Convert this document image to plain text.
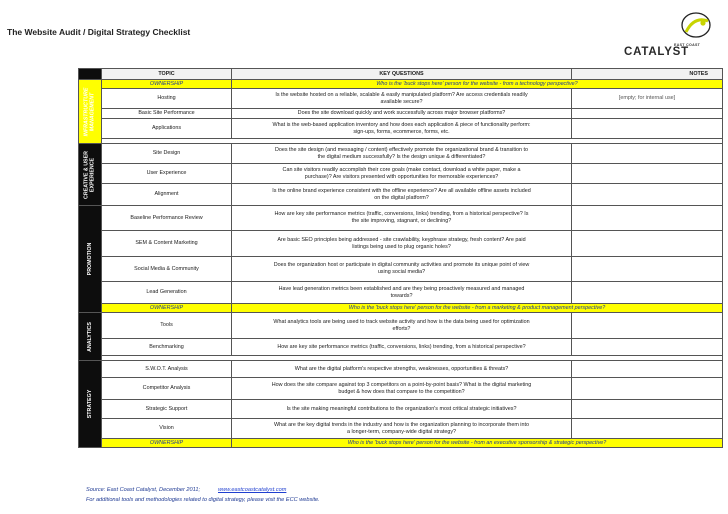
The Website Audit / Digital Strategy Checklist
EAST COAST
CATALYST
	TOPIC	KEY QUESTIONS	NOTES

INFRASTRUCTURE
MANAGEMENT	OWNERSHIP	Who is the 'buck stops here' person for the website - from a technology perspective?	
	Hosting	Is the website hosted on a reliable, scalable & easily manipulated platform? Are access credentials readily
available secure?	[empty; for internal use]
	Basic Site Performance	Does the site download quickly and work successfully across major browser platforms?	
	Applications	What is the web-based application inventory and how does each application & piece of functionality perform:
sign-ups, forms, ecommerce, forms, etc.	

CREATIVE & USER
EXPERIENCE	Site Design	Does the site design (and messaging / content) effectively promote the organizational brand & transition to
the digital medium successfully? Is the design unique & differentiated?	
	User Experience	Can site visitors readily accomplish their core goals (make contact, download a white paper, make a
purchase)? Are visitors presented with opportunities for memorable experiences?	
	Alignment	Is the online brand experience consistent with the offline experience? Are all available offline assets included
on the digital platform?	

PROMOTION	Baseline Performance Review	How are key site performance metrics (traffic, conversions, links) trending, from a historical perspective? Is
the site improving, stagnant, or declining?	
	SEM & Content Marketing	Are basic SEO principles being addressed - site crawlability, keyphrase strategy, fresh content? Are paid
listings being used to plug organic holes?	
	Social Media & Community	Does the organization host or participate in digital community activities and promote its unique point of view
using social media?	
	Lead Generation	Have lead generation metrics been established and are they being proactively measured and managed
towards?	
	OWNERSHIP	Who is the 'buck stops here' person for the website - from a marketing & product management perspective?	

ANALYTICS	Tools	What analytics tools are being used to track website activity and how is the data being used for optimization
efforts?	
	Benchmarking	How are key site performance metrics (traffic, conversions, links) trending, from a historical perspective?	

STRATEGY	S.W.O.T. Analysis	What are the digital platform's respective strengths, weaknesses, opportunities & threats?	
	Competitor Analysis	How does the site compare against top 3 competitors on a point-by-point basis? What is the digital marketing
budget & how does that compare to the competition?	
	Strategic Support	Is the site making meaningful contributions to the organization's most critical strategic initiatives?	
	Vision	What are the key digital trends in the industry and how is the organization planning to incorporate them into
a longer-term, company-wide digital strategy?	
	OWNERSHIP	Who is the 'buck stops here' person for the website - from an executive sponsorship & strategic perspective?	
Source: East Coast Catalyst, December 2011;	www.eastcoastcatalyst.com
For additional tools and methodologies related to digital strategy, please visit the ECC website.
